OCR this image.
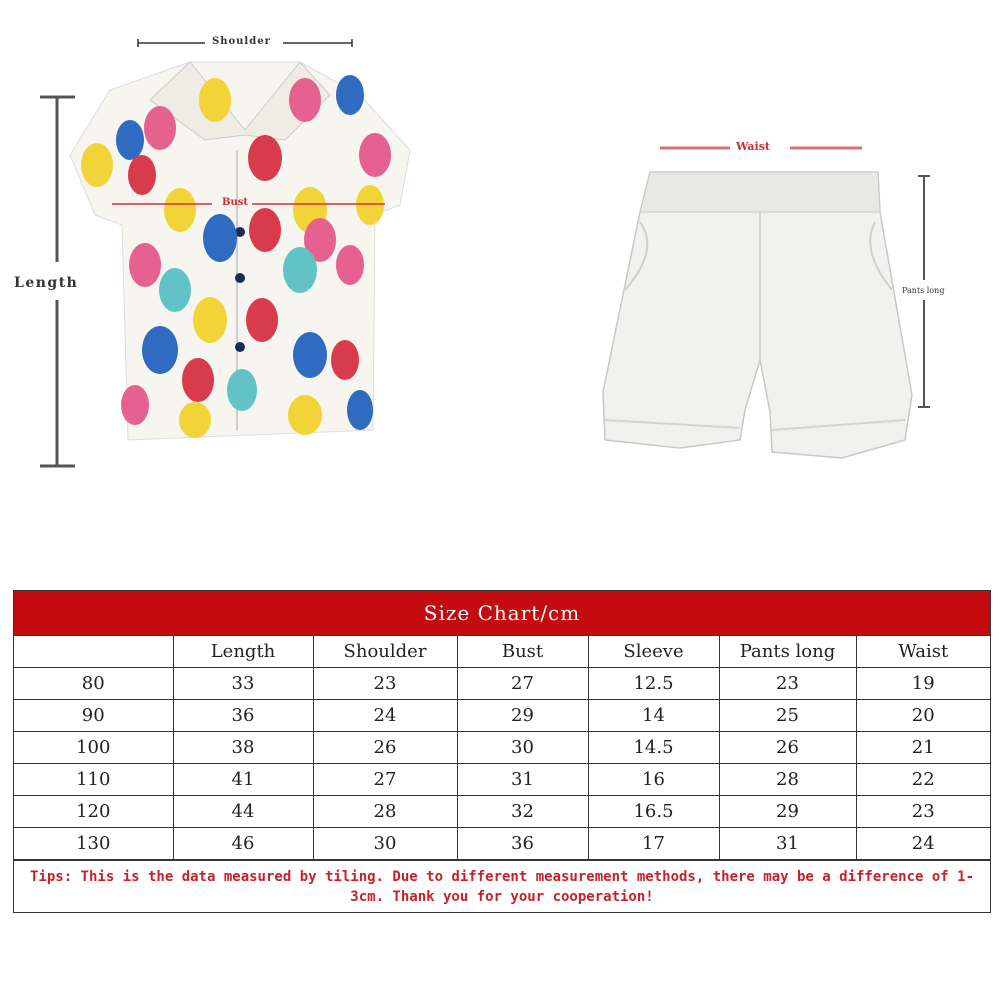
Shoulder
Length
Bust
Waist
Pants long
Size Chart/cm
	Length	Shoulder	Bust	Sleeve	Pants long	Waist
80	33	23	27	12.5	23	19
90	36	24	29	14	25	20
100	38	26	30	14.5	26	21
110	41	27	31	16	28	22
120	44	28	32	16.5	29	23
130	46	30	36	17	31	24
Tips: This is the data measured by tiling. Due to different measurement methods, there may be a difference of 1-3cm. Thank you for your cooperation!
